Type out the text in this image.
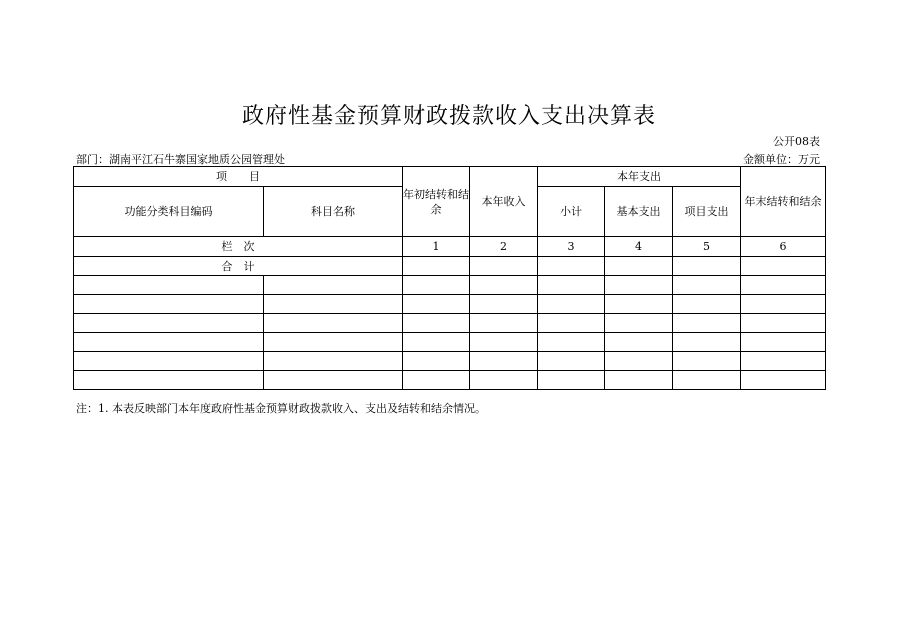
政府性基金预算财政拨款收入支出决算表
公开08表
部门：湖南平江石牛寨国家地质公园管理处	金额单位：万元
项　　目		年初结转和结余	本年收入	本年支出			年末结转和结余
功能分类科目编码	科目名称			小计	基本支出	项目支出	
栏　次		1	2	3	4	5	6
合　计							

注：1. 本表反映部门本年度政府性基金预算财政拨款收入、支出及结转和结余情况。
